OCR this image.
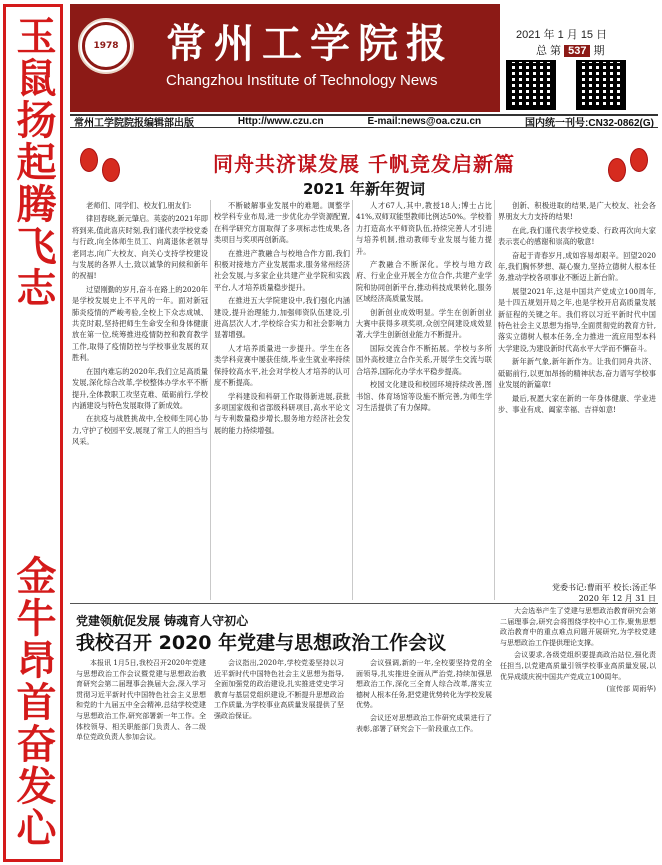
玉鼠扬起腾飞志
金牛昂首奋发心
1978 常州工学院报
Changzhou Institute of Technology News
2021 年 1 月 15 日
总 第 537 期
常州工学院院报编辑部出版	Http://www.czu.cn	E-mail:news@oa.czu.cn	国内统一刊号:CN32-0862(G)
同舟共济谋发展 千帆竞发启新篇
2021 年新年贺词

老师们、同学们、校友们,朋友们:

律回春晓,新元肇启。英姿的2021年即将到来,值此喜庆时刻,我们谨代表学校党委与行政,向全体师生员工、向离退休老领导老同志,向广大校友、向关心支持学校建设与发展的各界人士,致以诚挚的问候和新年的祝福!

过望刚勤的岁月,奋斗在路上的2020年是学校发展史上不平凡的一年。面对新冠肺炎疫情的严峻考验,全校上下众志成城、共克时艰,坚持把师生生命安全和身体健康放在第一位,统筹推进疫情防控和教育教学工作,取得了疫情防控与学校事业发展的双胜利。

在国内难忘的2020年,我们立足高质量发展,深化综合改革,学校整体办学水平不断提升,全体教职工攻坚克难、砥砺前行,学校内涵建设与特色发展取得了新成效。

在抗疫与战胜挑战中,全校师生同心协力,守护了校园平安,展现了常工人的担当与风采。

不断破解事业发展中的难题。调整学校学科专业布局,进一步优化办学资源配置,在科学研究方面取得了多项标志性成果,各类项目与奖项再创新高。

在推进产教融合与校地合作方面,我们积极对接地方产业发展需求,服务常州经济社会发展,与多家企业共建产业学院和实践平台,人才培养质量稳步提升。

在推进五大学院建设中,我们强化内涵建设,提升治理能力,加强师资队伍建设,引进高层次人才,学校综合实力和社会影响力显著增强。

人才培养质量进一步提升。学生在各类学科竞赛中屡获佳绩,毕业生就业率持续保持较高水平,社会对学校人才培养的认可度不断提高。

学科建设和科研工作取得新进展,获批多项国家级和省部级科研项目,高水平论文与专利数量稳步增长,服务地方经济社会发展的能力持续增强。

人才67人,其中,教授18人;博士占比41%,双师双能型教师比例达50%。学校着力打造高水平师资队伍,持续完善人才引进与培养机制,推动教师专业发展与能力提升。

产教融合不断深化。学校与地方政府、行业企业开展全方位合作,共建产业学院和协同创新平台,推动科技成果转化,服务区域经济高质量发展。

创新创业成效明显。学生在创新创业大赛中获得多项奖项,众创空间建设成效显著,大学生创新创业能力不断提升。

国际交流合作不断拓展。学校与多所国外高校建立合作关系,开展学生交流与联合培养,国际化办学水平稳步提高。

校园文化建设和校园环境持续改善,图书馆、体育场馆等设施不断完善,为师生学习生活提供了有力保障。

创新、积极进取的结果,是广大校友、社会各界朋友大力支持的结果!

在此,我们谨代表学校党委、行政再次向大家表示衷心的感谢和崇高的敬意!

奋起于青春岁月,成如容易却艰辛。回望2020年,我们胸怀梦想、凝心聚力,坚持立德树人根本任务,推动学校各项事业不断迈上新台阶。

展望2021年,这是中国共产党成立100周年,是十四五规划开局之年,也是学校开启高质量发展新征程的关键之年。我们将以习近平新时代中国特色社会主义思想为指导,全面贯彻党的教育方针,落实立德树人根本任务,全力推进一流应用型本科大学建设,为建设新时代高水平大学而不懈奋斗。

新年新气象,新年新作为。让我们同舟共济、砥砺前行,以更加昂扬的精神状态,奋力谱写学校事业发展的新篇章!

最后,祝愿大家在新的一年身体健康、学业进步、事业有成、阖家幸福、吉祥如意!

党委书记:曹雨平 校长:汤正华
2020 年 12 月 31 日
党建领航促发展 铸魂育人守初心
我校召开 2020 年党建与思想政治工作会议

本报讯 1月5日,我校召开2020年党建与思想政治工作会议暨党建与思想政治教育研究会第二届理事会换届大会,深入学习贯彻习近平新时代中国特色社会主义思想和党的十九届五中全会精神,总结学校党建与思想政治工作,研究部署新一年工作。全体校领导、相关职能部门负责人、各二级单位党政负责人参加会议。

会议指出,2020年,学校党委坚持以习近平新时代中国特色社会主义思想为指导,全面加强党的政治建设,扎实推进党史学习教育与基层党组织建设,不断提升思想政治工作质量,为学校事业高质量发展提供了坚强政治保证。

会议强调,新的一年,全校要坚持党的全面领导,扎实推进全面从严治党,持续加强思想政治工作,深化三全育人综合改革,落实立德树人根本任务,把党建优势转化为学校发展优势。

会议还对思想政治工作研究成果进行了表彰,部署了研究会下一阶段重点工作。

大会选举产生了党建与思想政治教育研究会第二届理事会,研究会将围绕学校中心工作,聚焦思想政治教育中的重点难点问题开展研究,为学校党建与思想政治工作提供理论支撑。

会议要求,各级党组织要提高政治站位,强化责任担当,以党建高质量引领学校事业高质量发展,以优异成绩庆祝中国共产党成立100周年。

(宣传部 周雨华)
